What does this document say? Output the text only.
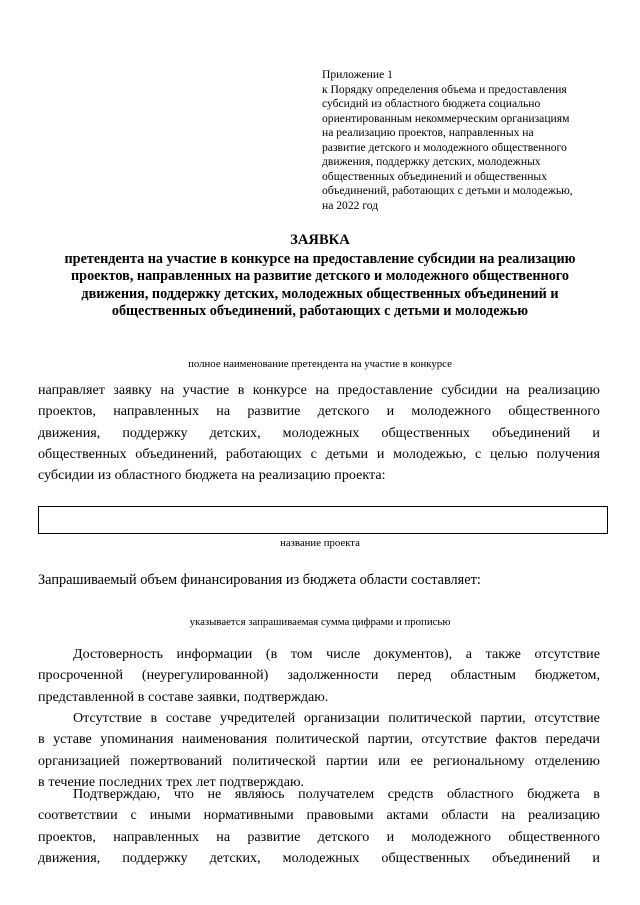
Приложение 1
к Порядку определения объема и предоставления
субсидий из областного бюджета социально
ориентированным некоммерческим организациям
на реализацию проектов, направленных на
развитие детского и молодежного общественного
движения, поддержку детских, молодежных
общественных объединений и общественных
объединений, работающих с детьми и молодежью,
на 2022 год
ЗАЯВКА
претендента на участие в конкурсе на предоставление субсидии на реализацию
проектов, направленных на развитие детского и молодежного общественного
движения, поддержку детских, молодежных общественных объединений и
общественных объединений, работающих с детьми и молодежью
полное наименование претендента на участие в конкурсе
направляет заявку на участие в конкурсе на предоставление субсидии на реализацию
проектов, направленных на развитие детского и молодежного общественного
движения, поддержку детских, молодежных общественных объединений и
общественных объединений, работающих с детьми и молодежью, с целью получения
субсидии из областного бюджета на реализацию проекта:
название проекта
Запрашиваемый объем финансирования из бюджета области составляет:
указывается запрашиваемая сумма цифрами и прописью
Достоверность информации (в том числе документов), а также отсутствие
просроченной (неурегулированной) задолженности перед областным бюджетом,
представленной в составе заявки, подтверждаю.
Отсутствие в составе учредителей организации политической партии, отсутствие
в уставе упоминания наименования политической партии, отсутствие фактов передачи
организацией пожертвований политической партии или ее региональному отделению
в течение последних трех лет подтверждаю.
Подтверждаю, что не являюсь получателем средств областного бюджета в
соответствии с иными нормативными правовыми актами области на реализацию
проектов, направленных на развитие детского и молодежного общественного
движения, поддержку детских, молодежных общественных объединений и
